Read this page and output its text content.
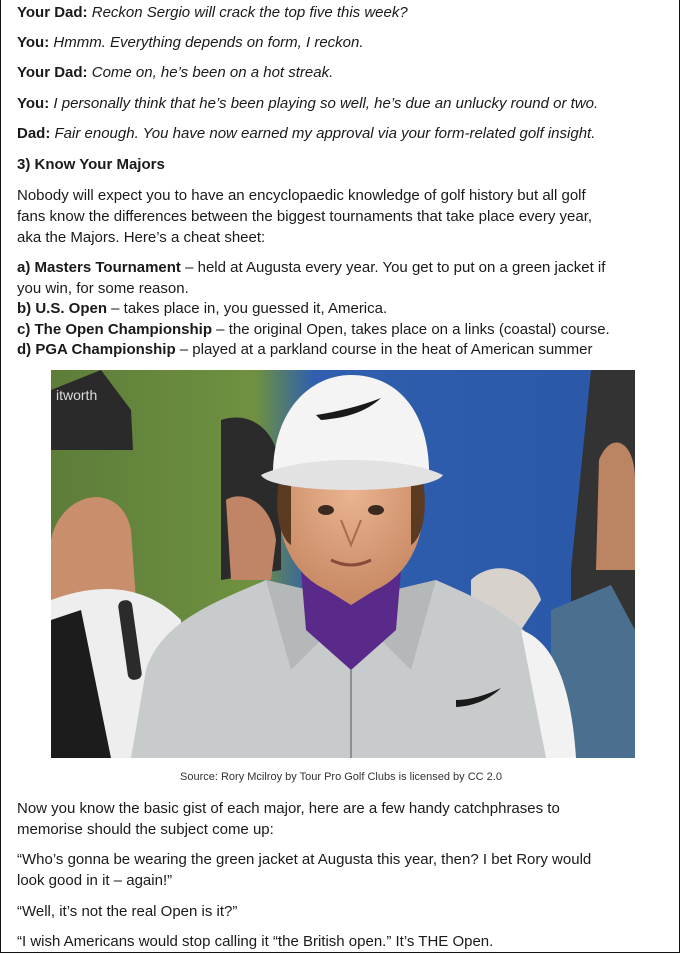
Your Dad: Reckon Sergio will crack the top five this week?

You: Hmmm. Everything depends on form, I reckon.

Your Dad: Come on, he’s been on a hot streak.

You: I personally think that he’s been playing so well, he’s due an unlucky round or two.

Dad: Fair enough. You have now earned my approval via your form-related golf insight.

3) Know Your Majors

Nobody will expect you to have an encyclopaedic knowledge of golf history but all golf

fans know the differences between the biggest tournaments that take place every year,

aka the Majors. Here’s a cheat sheet:

a) Masters Tournament – held at Augusta every year. You get to put on a green jacket if

you win, for some reason.

b) U.S. Open – takes place in, you guessed it, America.

c) The Open Championship – the original Open, takes place on a links (coastal) course.

d) PGA Championship – played at a parkland course in the heat of American summer

Now you know the basic gist of each major, here are a few handy catchphrases to

memorise should the subject come up:

“Who’s gonna be wearing the green jacket at Augusta this year, then? I bet Rory would

look good in it – again!”

“Well, it’s not the real Open is it?”

“I wish Americans would stop calling it “the British open.” It’s THE Open.

itworth

Source: Rory Mcilroy by Tour Pro Golf Clubs is licensed by CC 2.0
